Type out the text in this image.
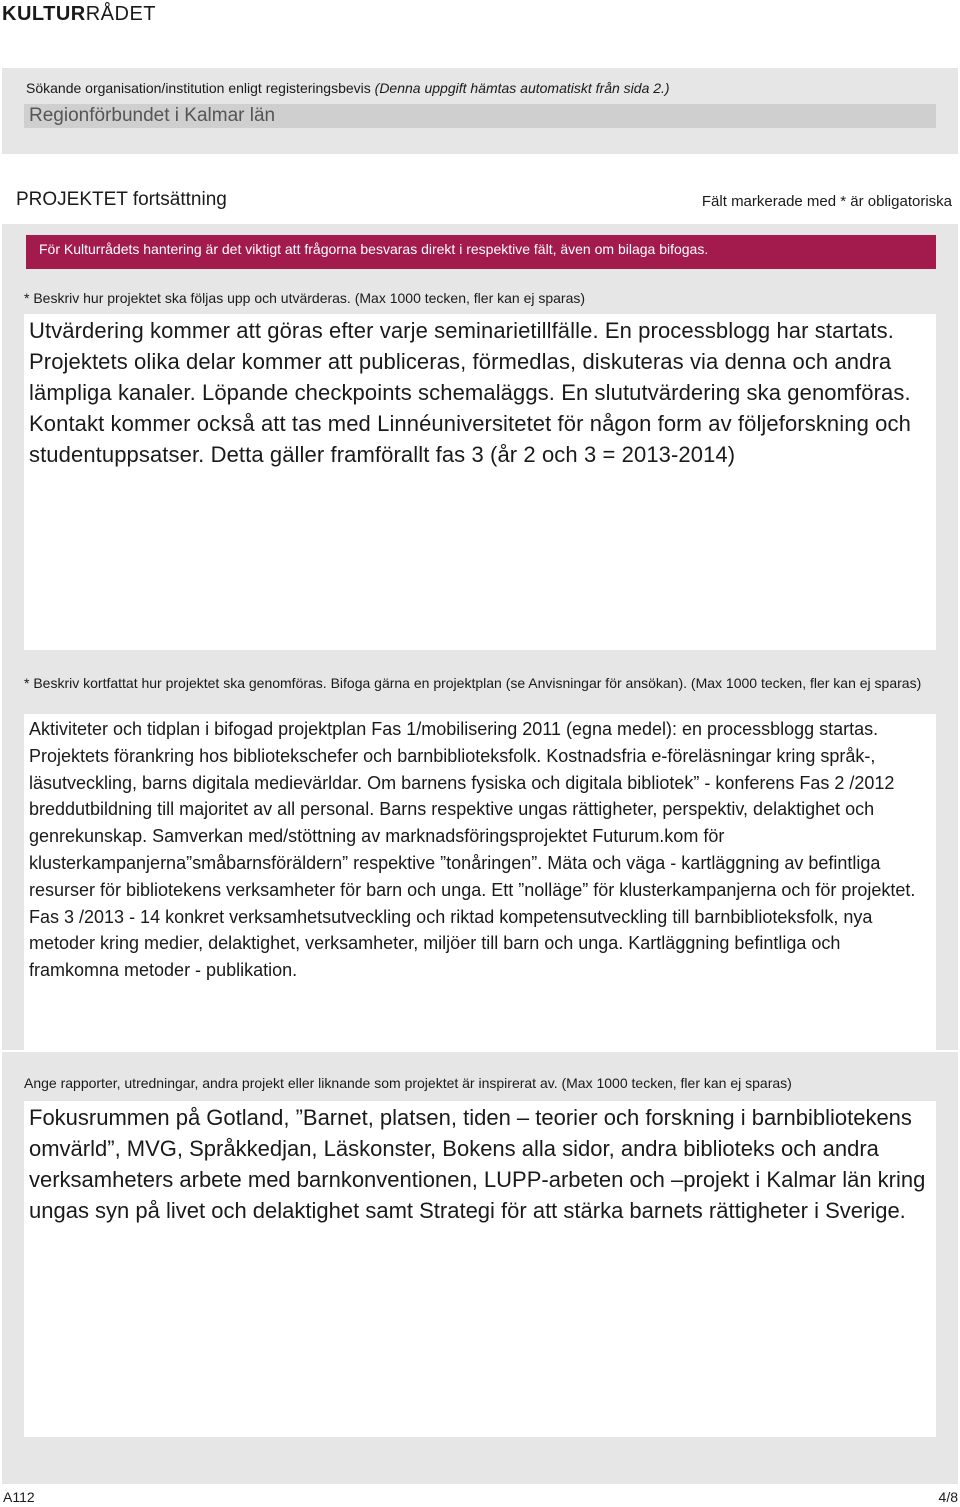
KULTURRÅDET
Sökande organisation/institution enligt registeringsbevis (Denna uppgift hämtas automatiskt från sida 2.)
Regionförbundet i Kalmar län
PROJEKTET fortsättning	Fält markerade med * är obligatoriska
För Kulturrådets hantering är det viktigt att frågorna besvaras direkt i respektive fält, även om bilaga bifogas.
* Beskriv hur projektet ska följas upp och utvärderas. (Max 1000 tecken, fler kan ej sparas)
Utvärdering kommer att göras efter varje seminarietillfälle. En processblogg har startats. Projektets olika delar kommer att publiceras, förmedlas, diskuteras via denna och andra lämpliga kanaler. Löpande checkpoints schemaläggs. En slututvärdering ska genomföras. Kontakt kommer också att tas med Linnéuniversitetet för någon form av följeforskning och studentuppsatser. Detta gäller framförallt fas 3 (år 2 och 3 = 2013-2014)
* Beskriv kortfattat hur projektet ska genomföras. Bifoga gärna en projektplan (se Anvisningar för ansökan). (Max 1000 tecken, fler kan ej sparas)
Aktiviteter och tidplan i bifogad projektplan Fas 1/mobilisering 2011 (egna medel): en processblogg startas. Projektets förankring hos bibliotekschefer och barnbiblioteksfolk. Kostnadsfria e-föreläsningar kring språk-, läsutveckling, barns digitala medievärldar. Om barnens fysiska och digitala bibliotek” - konferens Fas 2 /2012 breddutbildning till majoritet av all personal. Barns respektive ungas rättigheter, perspektiv, delaktighet och genrekunskap. Samverkan med/stöttning av marknadsföringsprojektet Futurum.kom för klusterkampanjerna”småbarnsföräldern” respektive ”tonåringen”. Mäta och väga - kartläggning av befintliga resurser för bibliotekens verksamheter för barn och unga. Ett ”nolläge” för klusterkampanjerna och för projektet. Fas 3 /2013 - 14 konkret verksamhetsutveckling och riktad kompetensutveckling till barnbiblioteksfolk, nya metoder kring medier, delaktighet, verksamheter, miljöer till barn och unga. Kartläggning befintliga och framkomna metoder - publikation.
Ange rapporter, utredningar, andra projekt eller liknande som projektet är inspirerat av. (Max 1000 tecken, fler kan ej sparas)
Fokusrummen på Gotland, ”Barnet, platsen, tiden – teorier och forskning i barnbibliotekens omvärld”, MVG, Språkkedjan, Läskonster, Bokens alla sidor, andra biblioteks och andra verksamheters arbete med barnkonventionen, LUPP-arbeten och –projekt i Kalmar län kring ungas syn på livet och delaktighet samt Strategi för att stärka barnets rättigheter i Sverige.
A112	4/8
